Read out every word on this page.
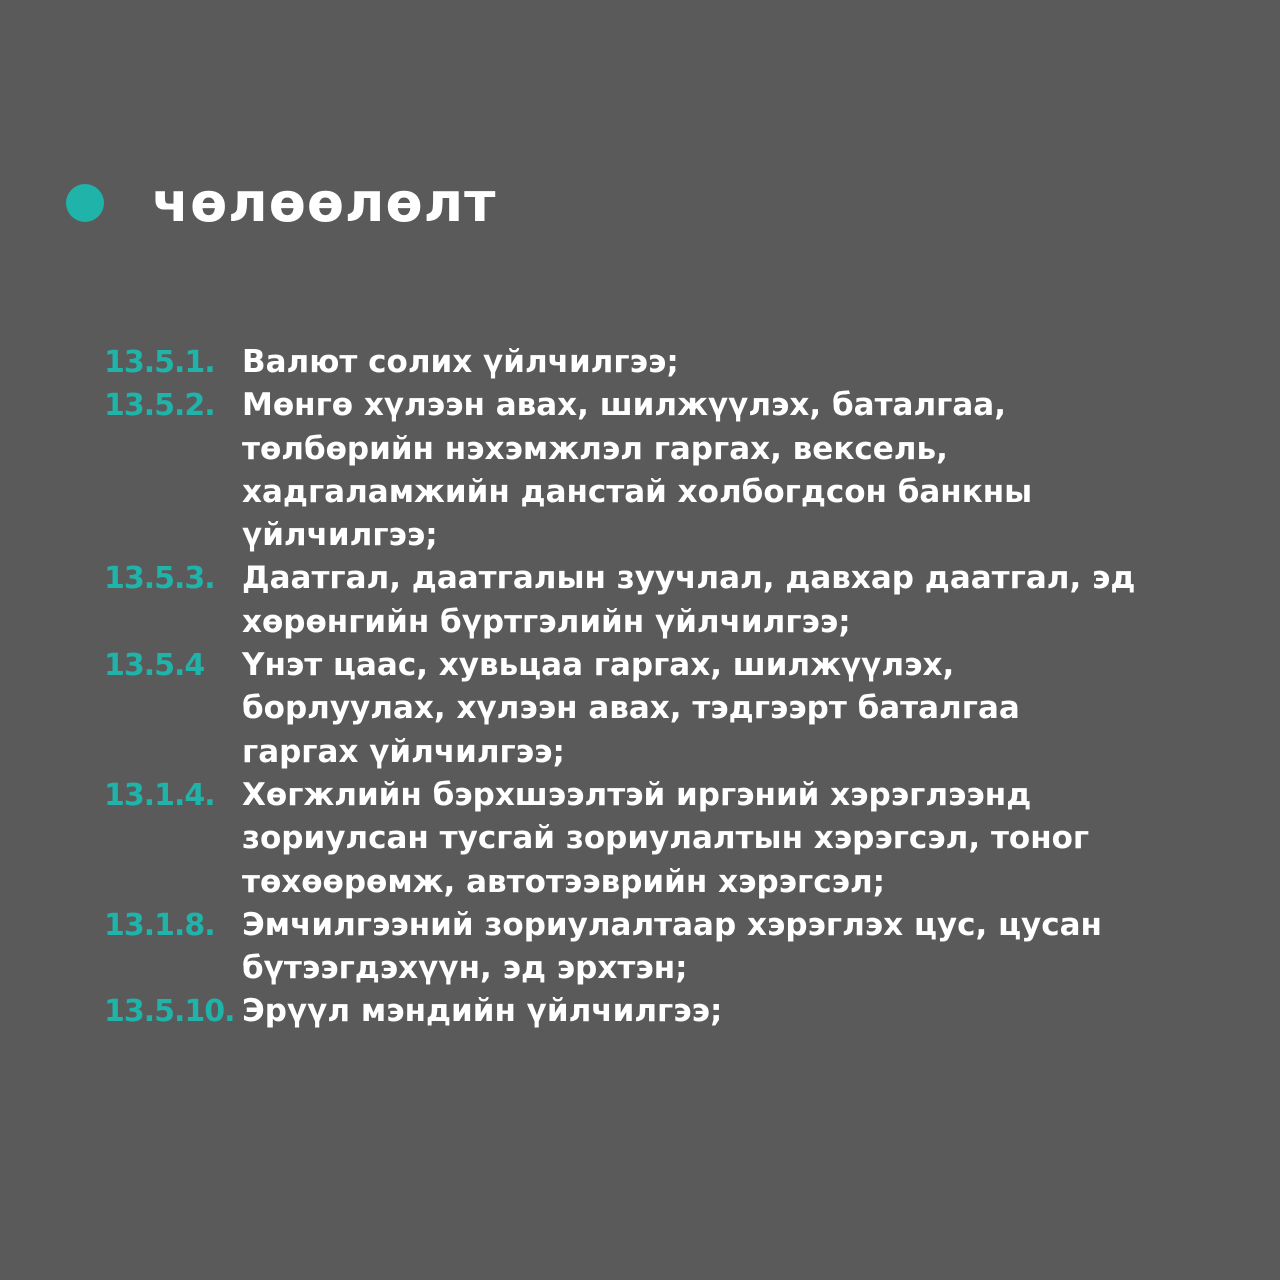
чөлөөлөлт
13.5.1. Валют солих үйлчилгээ;
13.5.2. Мөнгө хүлээн авах, шилжүүлэх, баталгаа,
төлбөрийн нэхэмжлэл гаргах, вексель,
хадгаламжийн данстай холбогдсон банкны
үйлчилгээ;
13.5.3. Даатгал, даатгалын зуучлал, давхар даатгал, эд
хөрөнгийн бүртгэлийн үйлчилгээ;
13.5.4	Үнэт цаас, хувьцаа гаргах, шилжүүлэх,
борлуулах, хүлээн авах, тэдгээрт баталгаа
гаргах үйлчилгээ;
13.1.4. Хөгжлийн бэрхшээлтэй иргэний хэрэглээнд
зориулсан тусгай зориулалтын хэрэгсэл, тоног
төхөөрөмж, автотээврийн хэрэгсэл;
13.1.8. Эмчилгээний зориулалтаар хэрэглэх цус, цусан
бүтээгдэхүүн, эд эрхтэн;
13.5.10. Эрүүл мэндийн үйлчилгээ;
